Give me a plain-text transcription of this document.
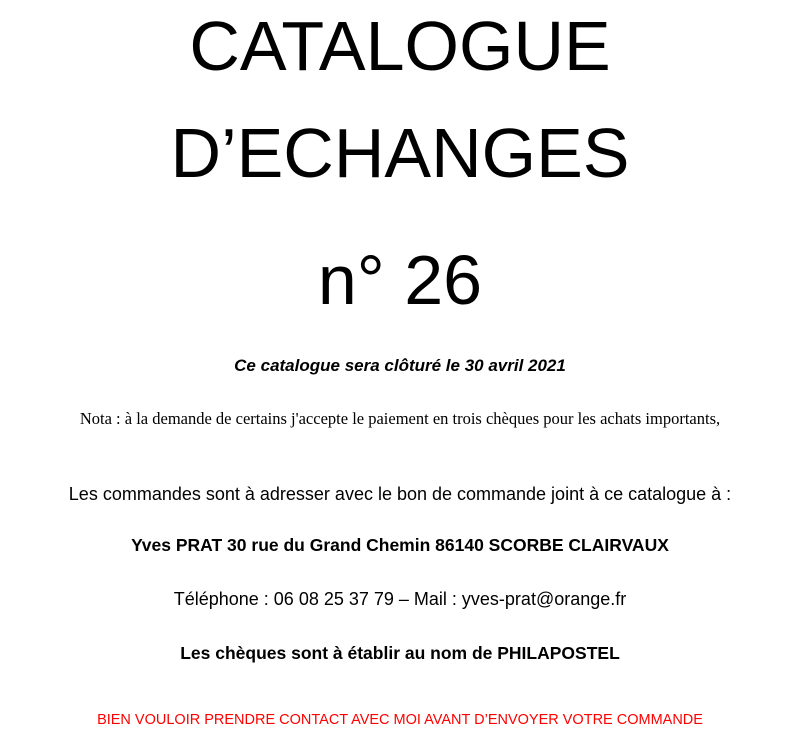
CATALOGUE
D’ECHANGES
n° 26
Ce catalogue sera clôturé le 30 avril 2021
Nota : à la demande de certains j'accepte le paiement en trois chèques pour les achats importants,
Les commandes sont à adresser avec le bon de commande joint à ce catalogue à :
Yves PRAT 30 rue du Grand Chemin 86140 SCORBE CLAIRVAUX
Téléphone : 06 08 25 37 79 – Mail : yves-prat@orange.fr
Les chèques sont à établir au nom de PHILAPOSTEL
BIEN VOULOIR PRENDRE CONTACT AVEC MOI AVANT D’ENVOYER VOTRE COMMANDE
